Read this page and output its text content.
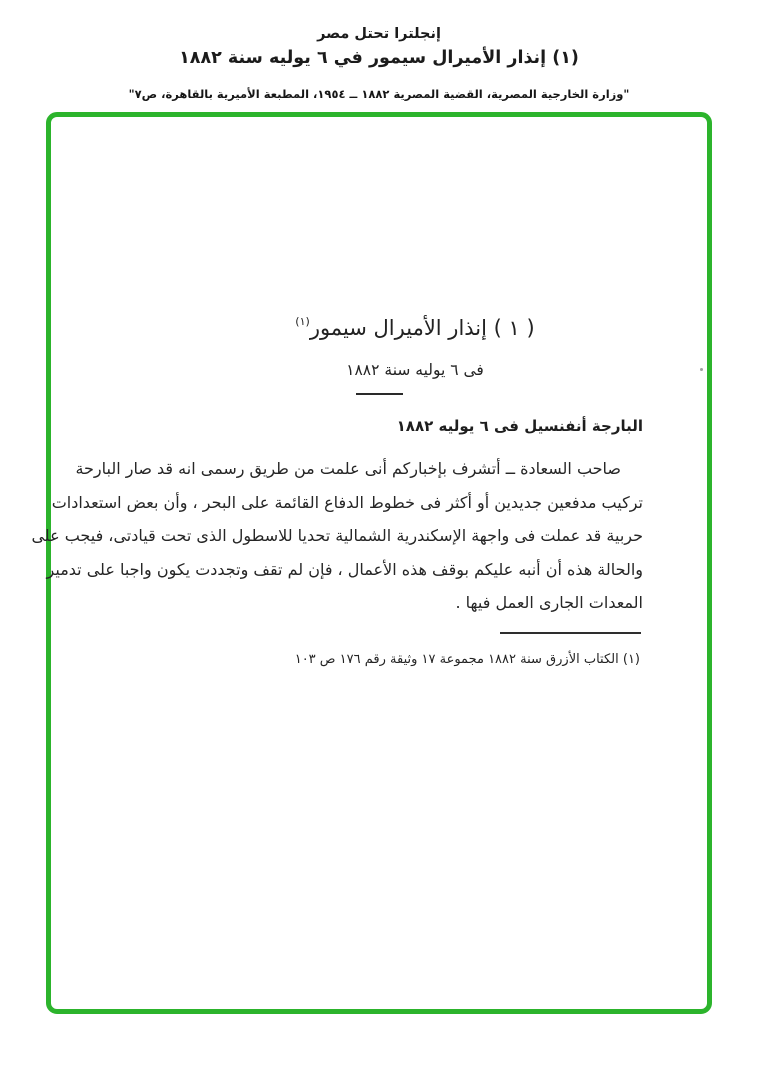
إنجلترا تحتل مصر
(١) إنذار الأميرال سيمور في ٦ يوليه سنة ١٨٨٢
"وزارة الخارجية المصرية، القضية المصرية ١٨٨٢ ــ ١٩٥٤، المطبعة الأميرية بالقاهرة، ص٧"
( ١ ) إنذار الأميرال سيمور$^{(١)}$
فى ٦ يوليه سنة ١٨٨٢
البارجة أنفنسيل فى ٦ يوليه ١٨٨٢
صاحب السعادة ــ أتشرف بإخباركم أنى علمت من طريق رسمى انه قد صار البارحة
تركيب مدفعين جديدين أو أكثر فى خطوط الدفاع القائمة على البحر ، وأن بعض استعدادات
حربية قد عملت فى واجهة الإسكندرية الشمالية تحديا للاسطول الذى تحت قيادتى، فيجب على
والحالة هذه أن أنبه عليكم بوقف هذه الأعمال ، فإن لم تقف وتجددت يكون واجبا على تدمير
المعدات الجارى العمل فيها .
(١) الكتاب الأزرق سنة ١٨٨٢ مجموعة ١٧ وثيقة رقم ١٧٦ ص ١٠٣
